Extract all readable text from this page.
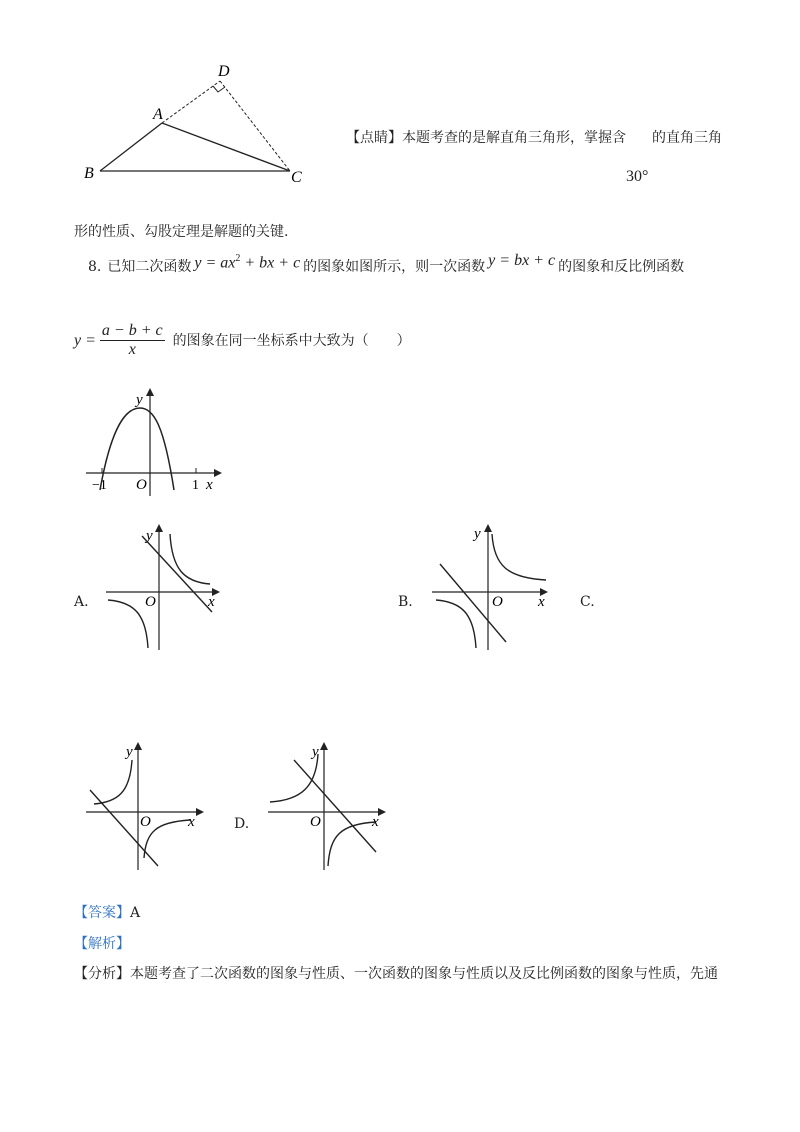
D
A
B	C
【点睛】本题考查的是解直角三角形，掌握含 的直角三角
30°
形的性质、勾股定理是解题的关键.
8. 已知二次函数 $y = ax^2$ + bx + c 的图象如图所示，则一次函数 y = bx + c 的图象和反比例函数
$y = \frac{a - b + c}{x}$ 的图象在同一坐标系中大致为（　　）
y
x
O
−1	1
A.
y
x
O	B.
y
x
O	C.
y
x
O	D.
y
x
O
【答案】A
【解析】
【分析】本题考查了二次函数的图象与性质、一次函数的图象与性质以及反比例函数的图象与性质，先通
